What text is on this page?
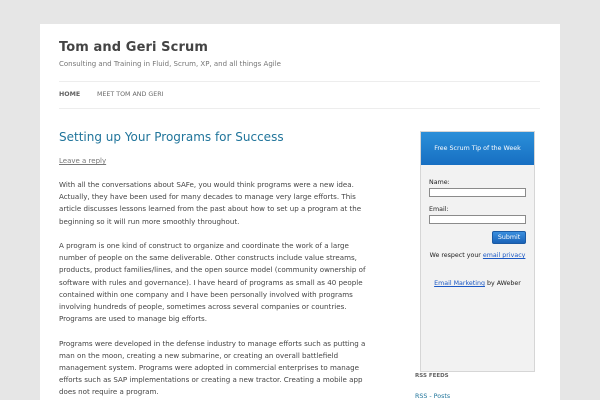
Tom and Geri Scrum
Consulting and Training in Fluid, Scrum, XP, and all things Agile
HOME	MEET TOM AND GERI
Setting up Your Programs for Success
Leave a reply

With all the conversations about SAFe, you would think programs were a new idea. Actually, they have been used for many decades to manage very large efforts. This article discusses lessons learned from the past about how to set up a program at the beginning so it will run more smoothly throughout.

A program is one kind of construct to organize and coordinate the work of a large number of people on the same deliverable. Other constructs include value streams, products, product families/lines, and the open source model (community ownership of software with rules and governance). I have heard of programs as small as 40 people contained within one company and I have been personally involved with programs involving hundreds of people, sometimes across several companies or countries. Programs are used to manage big efforts.

Programs were developed in the defense industry to manage efforts such as putting a man on the moon, creating a new submarine, or creating an overall battlefield management system. Programs were adopted in commercial enterprises to manage efforts such as SAP implementations or creating a new tractor. Creating a mobile app does not require a program.

Free Scrum Tip of the Week
Name:
Email:
Submit
We respect your email privacy
Email Marketing by AWeber
RSS FEEDS
RSS - Posts
